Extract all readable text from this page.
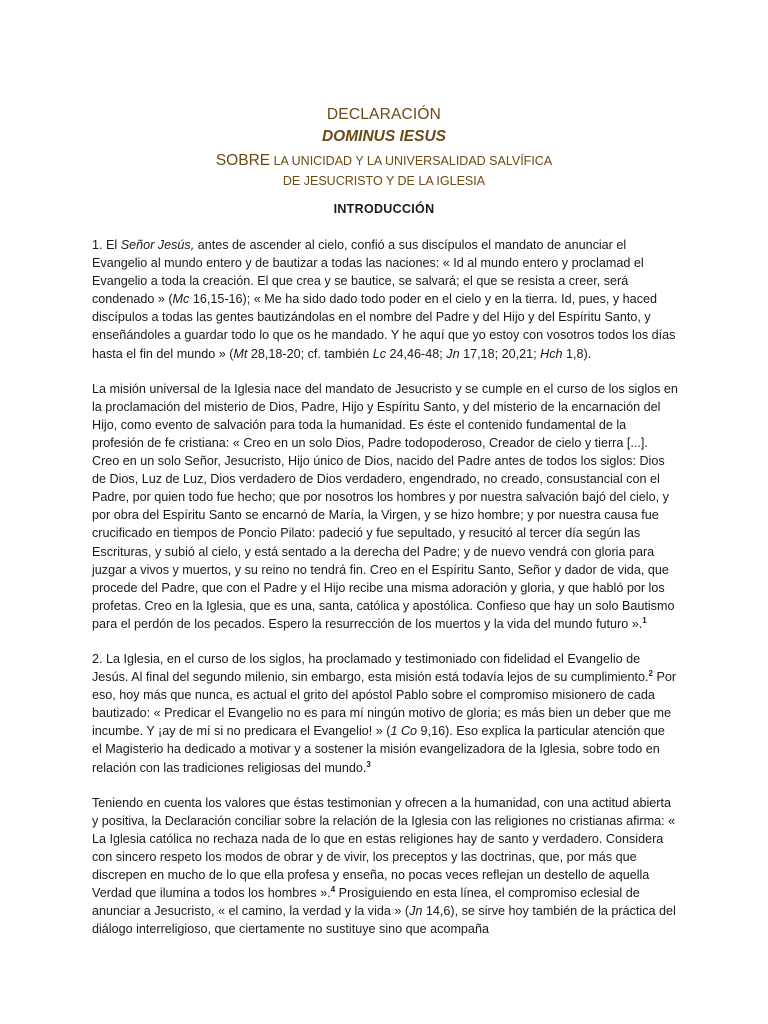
DECLARACIÓN
DOMINUS IESUS
SOBRE LA UNICIDAD Y LA UNIVERSALIDAD SALVÍFICA
DE JESUCRISTO Y DE LA IGLESIA
INTRODUCCIÓN

1. El Señor Jesús, antes de ascender al cielo, confió a sus discípulos el mandato de anunciar el Evangelio al mundo entero y de bautizar a todas las naciones: « Id al mundo entero y proclamad el Evangelio a toda la creación. El que crea y se bautice, se salvará; el que se resista a creer, será condenado » (Mc 16,15-16); « Me ha sido dado todo poder en el cielo y en la tierra. Id, pues, y haced discípulos a todas las gentes bautizándolas en el nombre del Padre y del Hijo y del Espíritu Santo, y enseñándoles a guardar todo lo que os he mandado. Y he aquí que yo estoy con vosotros todos los días hasta el fin del mundo » (Mt 28,18-20; cf. también Lc 24,46-48; Jn 17,18; 20,21; Hch 1,8).

La misión universal de la Iglesia nace del mandato de Jesucristo y se cumple en el curso de los siglos en la proclamación del misterio de Dios, Padre, Hijo y Espíritu Santo, y del misterio de la encarnación del Hijo, como evento de salvación para toda la humanidad. Es éste el contenido fundamental de la profesión de fe cristiana: « Creo en un solo Dios, Padre todopoderoso, Creador de cielo y tierra [...]. Creo en un solo Señor, Jesucristo, Hijo único de Dios, nacido del Padre antes de todos los siglos: Dios de Dios, Luz de Luz, Dios verdadero de Dios verdadero, engendrado, no creado, consustancial con el Padre, por quien todo fue hecho; que por nosotros los hombres y por nuestra salvación bajó del cielo, y por obra del Espíritu Santo se encarnó de María, la Virgen, y se hizo hombre; y por nuestra causa fue crucificado en tiempos de Poncio Pilato: padeció y fue sepultado, y resucitó al tercer día según las Escrituras, y subió al cielo, y está sentado a la derecha del Padre; y de nuevo vendrá con gloria para juzgar a vivos y muertos, y su reino no tendrá fin. Creo en el Espíritu Santo, Señor y dador de vida, que procede del Padre, que con el Padre y el Hijo recibe una misma adoración y gloria, y que habló por los profetas. Creo en la Iglesia, que es una, santa, católica y apostólica. Confieso que hay un solo Bautismo para el perdón de los pecados. Espero la resurrección de los muertos y la vida del mundo futuro ».$^1$

2. La Iglesia, en el curso de los siglos, ha proclamado y testimoniado con fidelidad el Evangelio de Jesús. Al final del segundo milenio, sin embargo, esta misión está todavía lejos de su cumplimiento.$^2$ Por eso, hoy más que nunca, es actual el grito del apóstol Pablo sobre el compromiso misionero de cada bautizado: « Predicar el Evangelio no es para mí ningún motivo de gloria; es más bien un deber que me incumbe. Y ¡ay de mí si no predicara el Evangelio! » (1 Co 9,16). Eso explica la particular atención que el Magisterio ha dedicado a motivar y a sostener la misión evangelizadora de la Iglesia, sobre todo en relación con las tradiciones religiosas del mundo.$^3$

Teniendo en cuenta los valores que éstas testimonian y ofrecen a la humanidad, con una actitud abierta y positiva, la Declaración conciliar sobre la relación de la Iglesia con las religiones no cristianas afirma: « La Iglesia católica no rechaza nada de lo que en estas religiones hay de santo y verdadero. Considera con sincero respeto los modos de obrar y de vivir, los preceptos y las doctrinas, que, por más que discrepen en mucho de lo que ella profesa y enseña, no pocas veces reflejan un destello de aquella Verdad que ilumina a todos los hombres ».$^4$ Prosiguiendo en esta línea, el compromiso eclesial de anunciar a Jesucristo, « el camino, la verdad y la vida » (Jn 14,6), se sirve hoy también de la práctica del diálogo interreligioso, que ciertamente no sustituye sino que acompaña
